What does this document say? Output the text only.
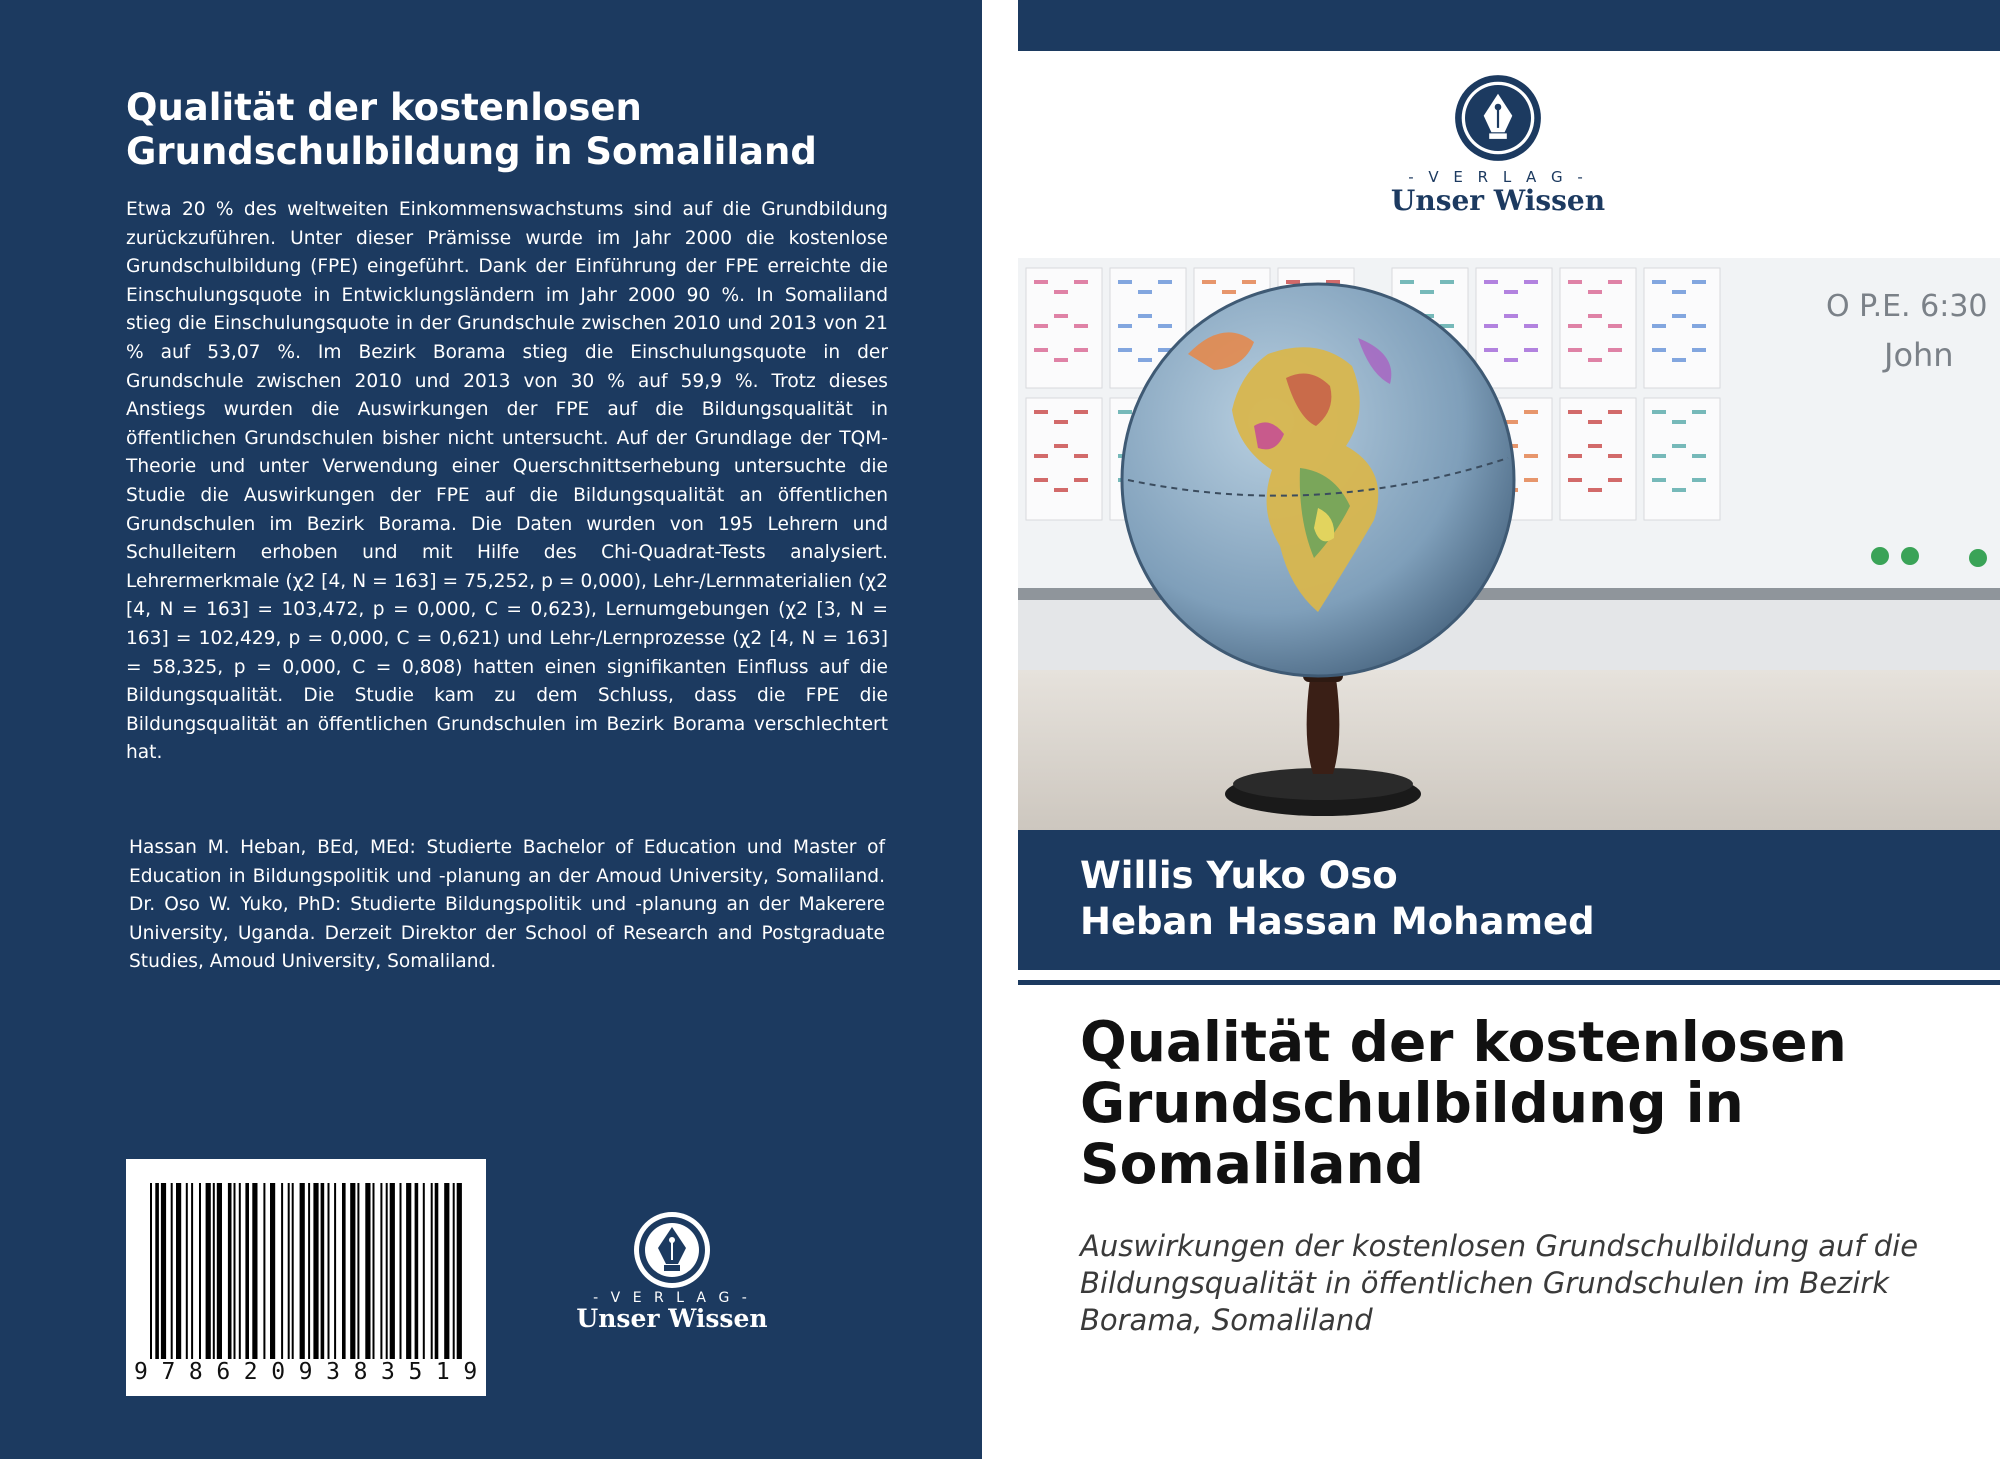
Qualität der kostenlosen Grundschulbildung in Somaliland

Etwa 20 % des weltweiten Einkommenswachstums sind auf die Grundbildung zurückzuführen. Unter dieser Prämisse wurde im Jahr 2000 die kostenlose Grundschulbildung (FPE) eingeführt. Dank der Einführung der FPE erreichte die Einschulungsquote in Entwicklungsländern im Jahr 2000 90 %. In Somaliland stieg die Einschulungsquote in der Grundschule zwischen 2010 und 2013 von 21 % auf 53,07 %. Im Bezirk Borama stieg die Einschulungsquote in der Grundschule zwischen 2010 und 2013 von 30 % auf 59,9 %. Trotz dieses Anstiegs wurden die Auswirkungen der FPE auf die Bildungsqualität in öffentlichen Grundschulen bisher nicht untersucht. Auf der Grundlage der TQM-Theorie und unter Verwendung einer Querschnittserhebung untersuchte die Studie die Auswirkungen der FPE auf die Bildungsqualität an öffentlichen Grundschulen im Bezirk Borama. Die Daten wurden von 195 Lehrern und Schulleitern erhoben und mit Hilfe des Chi-Quadrat-Tests analysiert. Lehrermerkmale (χ2 [4, N = 163] = 75,252, p = 0,000), Lehr-/Lernmaterialien (χ2 [4, N = 163] = 103,472, p = 0,000, C = 0,623), Lernumgebungen (χ2 [3, N = 163] = 102,429, p = 0,000, C = 0,621) und Lehr-/Lernprozesse (χ2 [4, N = 163] = 58,325, p = 0,000, C = 0,808) hatten einen signifikanten Einfluss auf die Bildungsqualität. Die Studie kam zu dem Schluss, dass die FPE die Bildungsqualität an öffentlichen Grundschulen im Bezirk Borama verschlechtert hat.

Hassan M. Heban, BEd, MEd: Studierte Bachelor of Education und Master of Education in Bildungspolitik und -planung an der Amoud University, Somaliland. Dr. Oso W. Yuko, PhD: Studierte Bildungspolitik und -planung an der Makerere University, Uganda. Derzeit Direktor der School of Research and Postgraduate Studies, Amoud University, Somaliland.

9786209383519
- V E R L A G -
Unser Wissen
- V E R L A G -
Unser Wissen
O P.E. 6:30
John
Willis Yuko Oso
Heban Hassan Mohamed
Qualität der kostenlosen Grundschulbildung in Somaliland

Auswirkungen der kostenlosen Grundschulbildung auf die Bildungsqualität in öffentlichen Grundschulen im Bezirk Borama, Somaliland
